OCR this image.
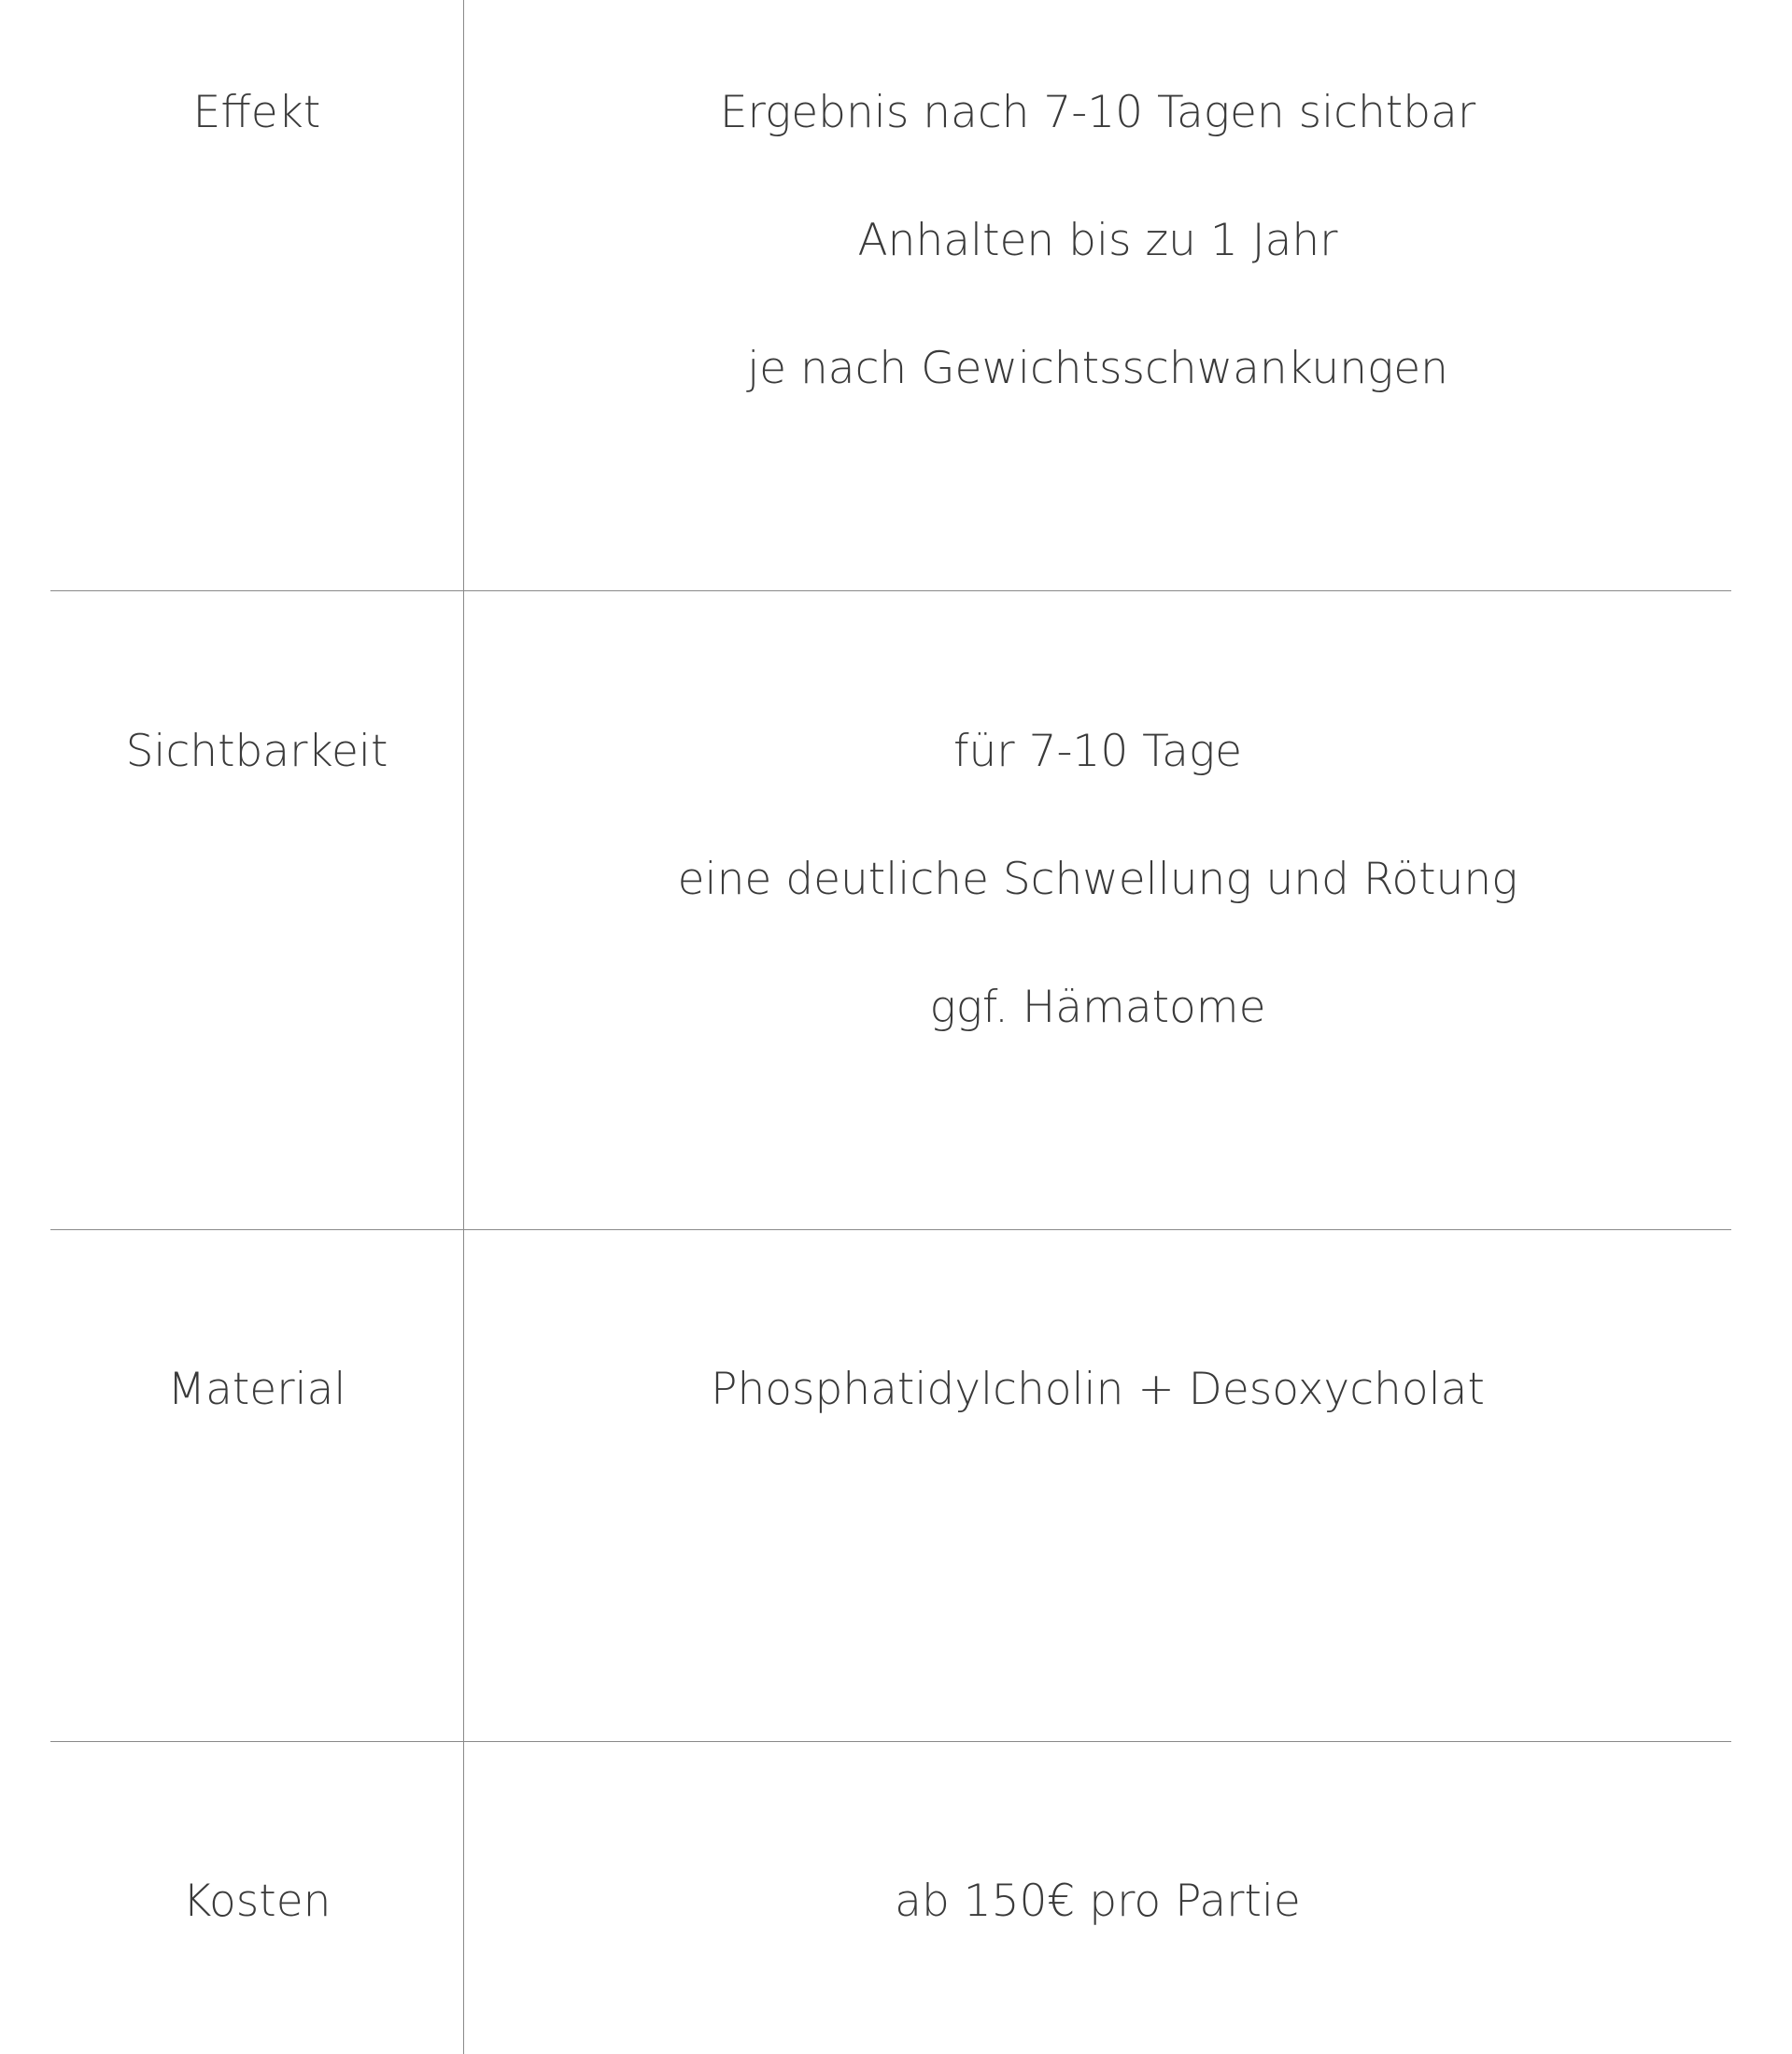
Effekt	Ergebnis nach 7-10 Tagen sichtbar
Anhalten bis zu 1 Jahr
je nach Gewichtsschwankungen
Sichtbarkeit	für 7-10 Tage
eine deutliche Schwellung und Rötung
ggf. Hämatome
Material	Phosphatidylcholin + Desoxycholat
Kosten	ab 150€ pro Partie
